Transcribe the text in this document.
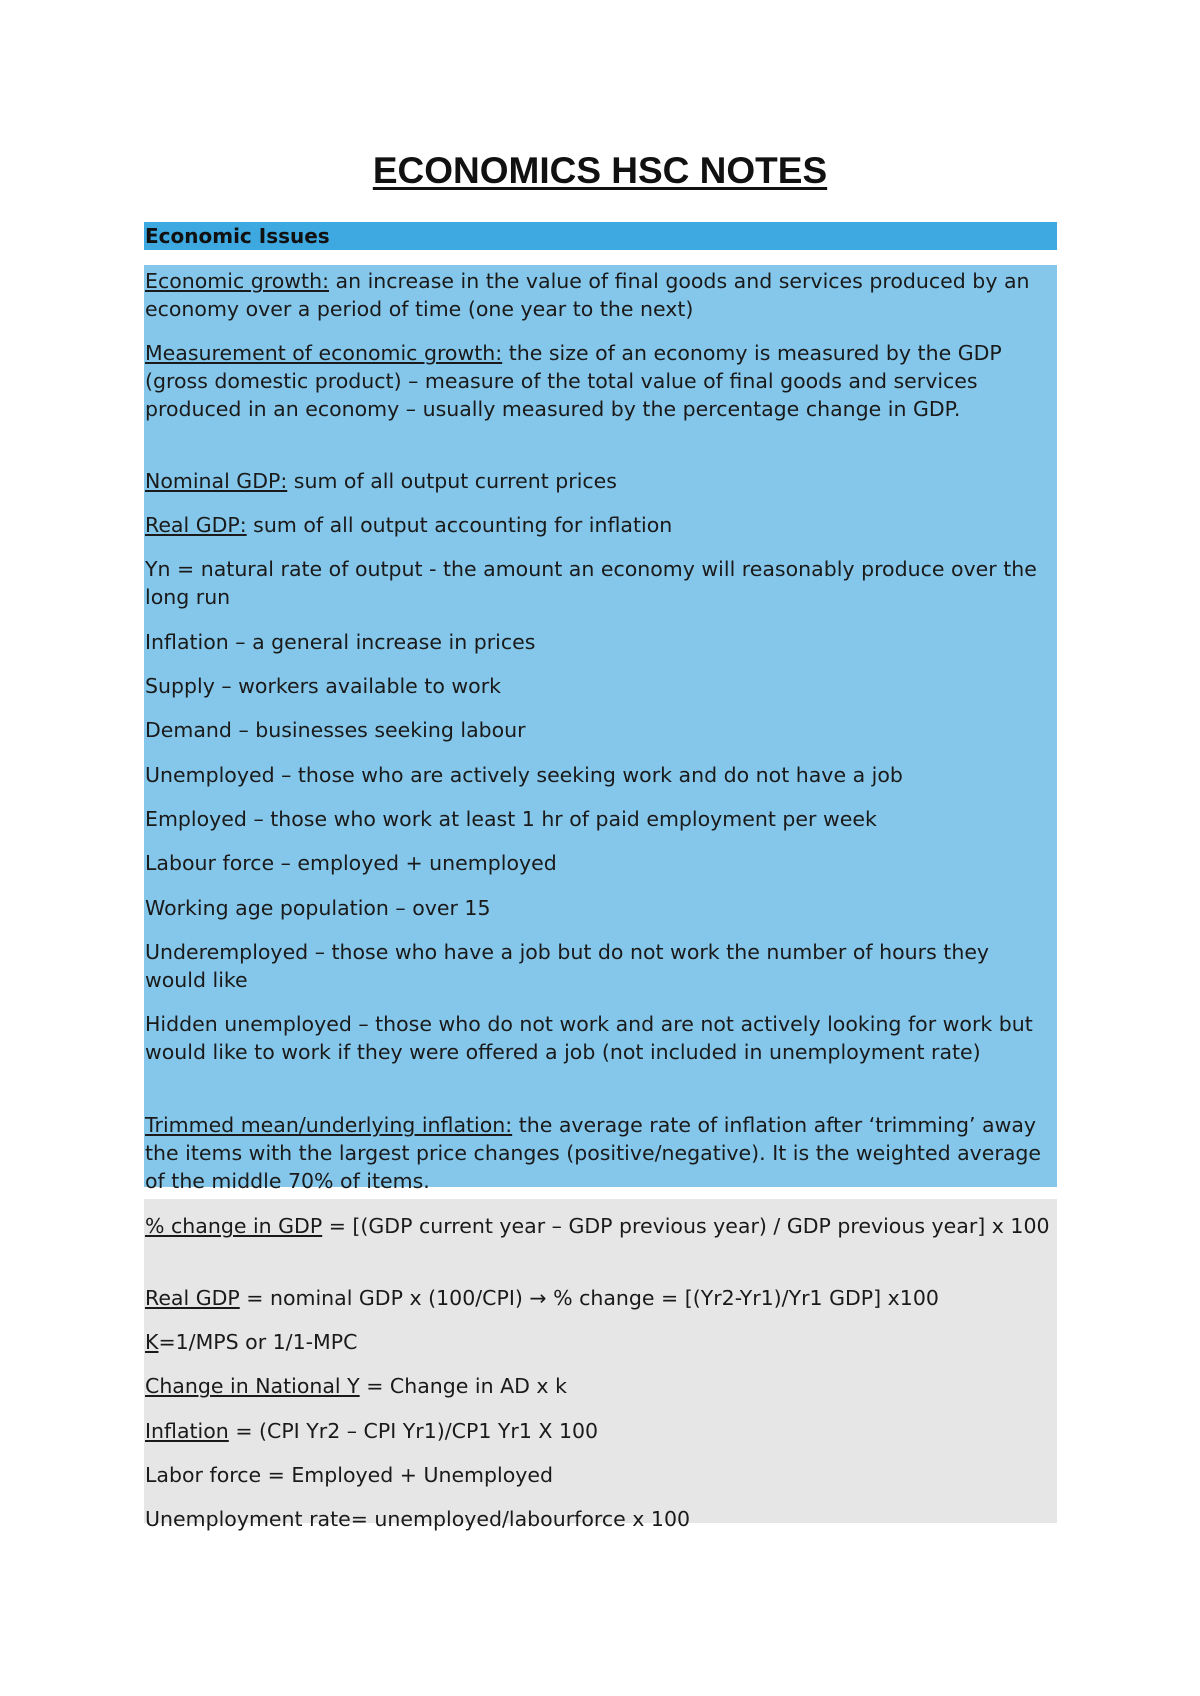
ECONOMICS HSC NOTES
Economic Issues

Economic growth: an increase in the value of final goods and services produced by an economy over a period of time (one year to the next)

Measurement of economic growth: the size of an economy is measured by the GDP (gross domestic product) – measure of the total value of final goods and services produced in an economy – usually measured by the percentage change in GDP.

Nominal GDP: sum of all output current prices

Real GDP: sum of all output accounting for inflation

Yn = natural rate of output - the amount an economy will reasonably produce over the long run

Inflation – a general increase in prices

Supply – workers available to work

Demand – businesses seeking labour

Unemployed – those who are actively seeking work and do not have a job

Employed – those who work at least 1 hr of paid employment per week

Labour force – employed + unemployed

Working age population – over 15

Underemployed – those who have a job but do not work the number of hours they would like

Hidden unemployed – those who do not work and are not actively looking for work but would like to work if they were offered a job (not included in unemployment rate)

Trimmed mean/underlying inflation: the average rate of inflation after ‘trimming’ away the items with the largest price changes (positive/negative). It is the weighted average of the middle 70% of items.

% change in GDP = [(GDP current year – GDP previous year) / GDP previous year] x 100

Real GDP = nominal GDP x (100/CPI) → % change = [(Yr2-Yr1)/Yr1 GDP] x100

K=1/MPS or 1/1-MPC

Change in National Y = Change in AD x k

Inflation = (CPI Yr2 – CPI Yr1)/CP1 Yr1 X 100

Labor force = Employed + Unemployed

Unemployment rate= unemployed/labourforce x 100
